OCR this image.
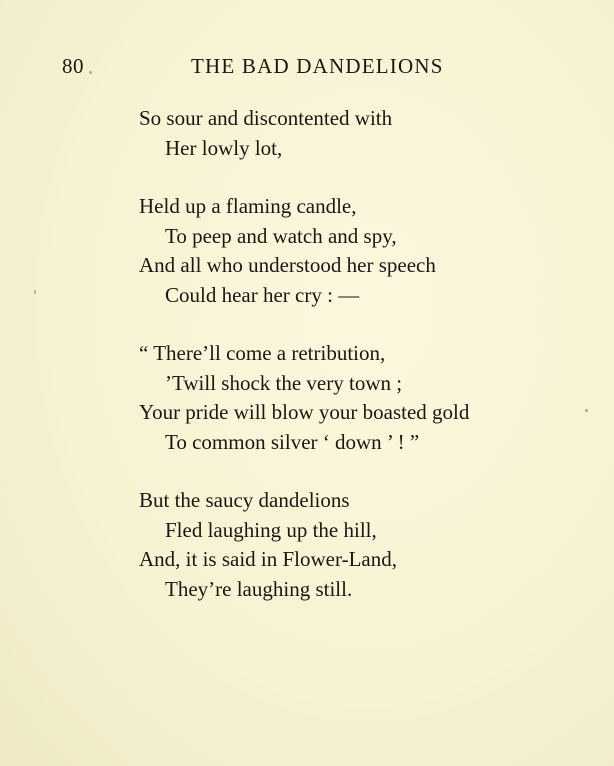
80	THE BAD DANDELIONS
So sour and discontented with
Her lowly lot,
Held up a flaming candle,
To peep and watch and spy,
And all who understood her speech
Could hear her cry : —
“ There’ll come a retribution,
’Twill shock the very town ;
Your pride will blow your boasted gold
To common silver ‘ down ’ ! ”
But the saucy dandelions
Fled laughing up the hill,
And, it is said in Flower-Land,
They’re laughing still.
